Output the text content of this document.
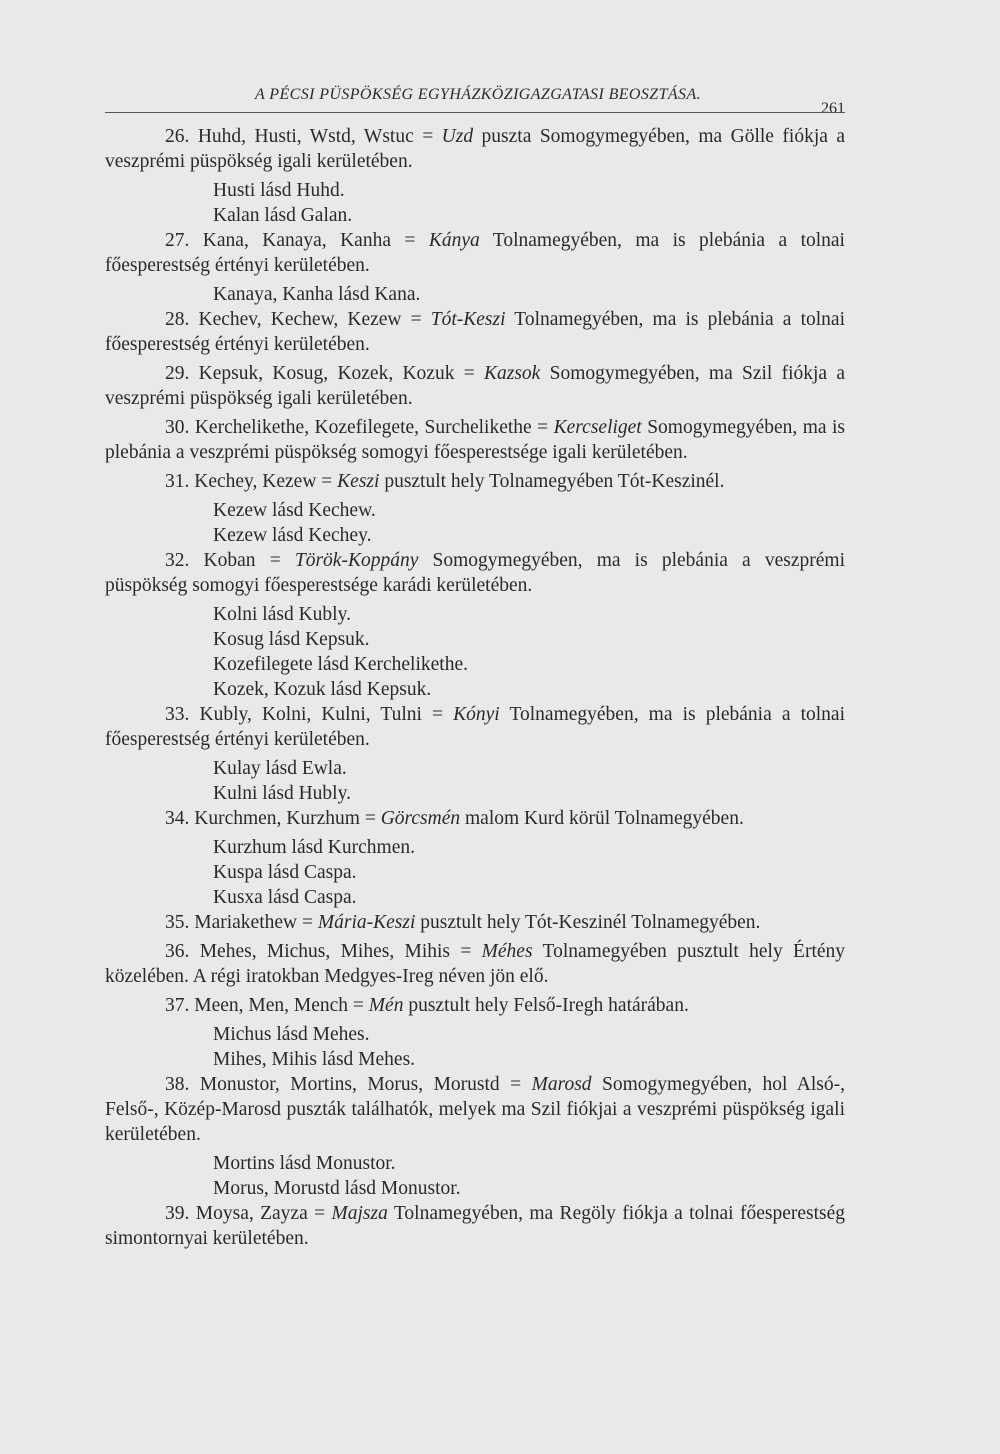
A PÉCSI PÜSPÖKSÉG EGYHÁZKÖZIGAZGATASI BEOSZTÁSA.
261

26. Huhd, Husti, Wstd, Wstuc = Uzd puszta Somogymegyében, ma Gölle fiókja a veszprémi püspökség igali kerületében.

Husti lásd Huhd.

Kalan lásd Galan.

27. Kana, Kanaya, Kanha = Kánya Tolnamegyében, ma is plebánia a tolnai főesperestség értényi kerületében.

Kanaya, Kanha lásd Kana.

28. Kechev, Kechew, Kezew = Tót-Keszi Tolnamegyében, ma is plebánia a tolnai főesperestség értényi kerületében.

29. Kepsuk, Kosug, Kozek, Kozuk = Kazsok Somogymegyében, ma Szil fiókja a veszprémi püspökség igali kerületében.

30. Kerchelikethe, Kozefilegete, Surchelikethe = Kercseliget Somogymegyében, ma is plebánia a veszprémi püspökség somogyi főesperestsége igali kerületében.

31. Kechey, Kezew = Keszi pusztult hely Tolnamegyében Tót-Keszinél.

Kezew lásd Kechew.

Kezew lásd Kechey.

32. Koban = Török-Koppány Somogymegyében, ma is plebánia a veszprémi püspökség somogyi főesperestsége karádi kerületében.

Kolni lásd Kubly.

Kosug lásd Kepsuk.

Kozefilegete lásd Kerchelikethe.

Kozek, Kozuk lásd Kepsuk.

33. Kubly, Kolni, Kulni, Tulni = Kónyi Tolnamegyében, ma is plebánia a tolnai főesperestség értényi kerületében.

Kulay lásd Ewla.

Kulni lásd Hubly.

34. Kurchmen, Kurzhum = Görcsmén malom Kurd körül Tolnamegyében.

Kurzhum lásd Kurchmen.

Kuspa lásd Caspa.

Kusxa lásd Caspa.

35. Mariakethew = Mária-Keszi pusztult hely Tót-Keszinél Tolnamegyében.

36. Mehes, Michus, Mihes, Mihis = Méhes Tolnamegyében pusztult hely Értény közelében. A régi iratokban Medgyes-Ireg néven jön elő.

37. Meen, Men, Mench = Mén pusztult hely Felső-Iregh határában.

Michus lásd Mehes.

Mihes, Mihis lásd Mehes.

38. Monustor, Mortins, Morus, Morustd = Marosd Somogymegyében, hol Alsó-, Felső-, Közép-Marosd puszták találhatók, melyek ma Szil fiókjai a veszprémi püspökség igali kerületében.

Mortins lásd Monustor.

Morus, Morustd lásd Monustor.

39. Moysa, Zayza = Majsza Tolnamegyében, ma Regöly fiókja a tolnai főesperestség simontornyai kerületében.
